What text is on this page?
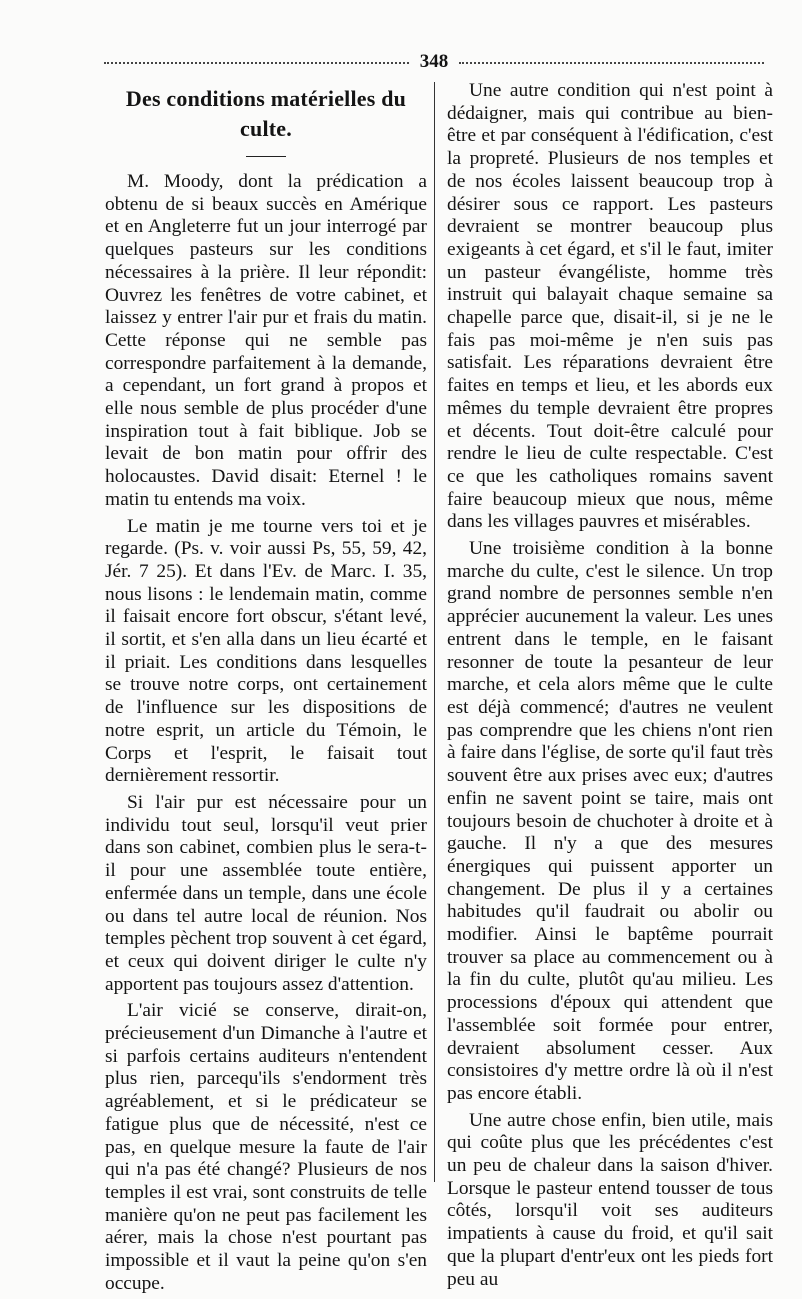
348
Des conditions matérielles du culte.

M. Moody, dont la prédication a obtenu de si beaux succès en Amérique et en Angleterre fut un jour interrogé par quelques pasteurs sur les conditions nécessaires à la prière. Il leur répondit: Ouvrez les fenêtres de votre cabinet, et laissez y entrer l'air pur et frais du matin. Cette réponse qui ne semble pas correspondre parfaitement à la demande, a cependant, un fort grand à propos et elle nous semble de plus procéder d'une inspiration tout à fait biblique. Job se levait de bon matin pour offrir des holocaustes. David disait: Eternel ! le matin tu entends ma voix.

Le matin je me tourne vers toi et je regarde. (Ps. v. voir aussi Ps, 55, 59, 42, Jér. 7 25). Et dans l'Ev. de Marc. I. 35, nous lisons : le lendemain matin, comme il faisait encore fort obscur, s'étant levé, il sortit, et s'en alla dans un lieu écarté et il priait. Les conditions dans lesquelles se trouve notre corps, ont certainement de l'influence sur les dispositions de notre esprit, un article du Témoin, le Corps et l'esprit, le faisait tout dernièrement ressortir.

Si l'air pur est nécessaire pour un individu tout seul, lorsqu'il veut prier dans son cabinet, combien plus le sera-t-il pour une assemblée toute entière, enfermée dans un temple, dans une école ou dans tel autre local de réunion. Nos temples pèchent trop souvent à cet égard, et ceux qui doivent diriger le culte n'y apportent pas toujours assez d'attention.

L'air vicié se conserve, dirait-on, précieusement d'un Dimanche à l'autre et si parfois certains auditeurs n'entendent plus rien, parcequ'ils s'endorment très agréablement, et si le prédicateur se fatigue plus que de nécessité, n'est ce pas, en quelque mesure la faute de l'air qui n'a pas été changé? Plusieurs de nos temples il est vrai, sont construits de telle manière qu'on ne peut pas facilement les aérer, mais la chose n'est pourtant pas impossible et il vaut la peine qu'on s'en occupe.

Une autre condition qui n'est point à dédaigner, mais qui contribue au bien-être et par conséquent à l'édification, c'est la propreté. Plusieurs de nos temples et de nos écoles laissent beaucoup trop à désirer sous ce rapport. Les pasteurs devraient se montrer beaucoup plus exigeants à cet égard, et s'il le faut, imiter un pasteur évangéliste, homme très instruit qui balayait chaque semaine sa chapelle parce que, disait-il, si je ne le fais pas moi-même je n'en suis pas satisfait. Les réparations devraient être faites en temps et lieu, et les abords eux mêmes du temple devraient être propres et décents. Tout doit-être calculé pour rendre le lieu de culte respectable. C'est ce que les catholiques romains savent faire beaucoup mieux que nous, même dans les villages pauvres et misérables.

Une troisième condition à la bonne marche du culte, c'est le silence. Un trop grand nombre de personnes semble n'en apprécier aucunement la valeur. Les unes entrent dans le temple, en le faisant resonner de toute la pesanteur de leur marche, et cela alors même que le culte est déjà commencé; d'autres ne veulent pas comprendre que les chiens n'ont rien à faire dans l'église, de sorte qu'il faut très souvent être aux prises avec eux; d'autres enfin ne savent point se taire, mais ont toujours besoin de chuchoter à droite et à gauche. Il n'y a que des mesures énergiques qui puissent apporter un changement. De plus il y a certaines habitudes qu'il faudrait ou abolir ou modifier. Ainsi le baptême pourrait trouver sa place au commencement ou à la fin du culte, plutôt qu'au milieu. Les processions d'époux qui attendent que l'assemblée soit formée pour entrer, devraient absolument cesser. Aux consistoires d'y mettre ordre là où il n'est pas encore établi.

Une autre chose enfin, bien utile, mais qui coûte plus que les précédentes c'est un peu de chaleur dans la saison d'hiver. Lorsque le pasteur entend tousser de tous côtés, lorsqu'il voit ses auditeurs impatients à cause du froid, et qu'il sait que la plupart d'entr'eux ont les pieds fort peu au
